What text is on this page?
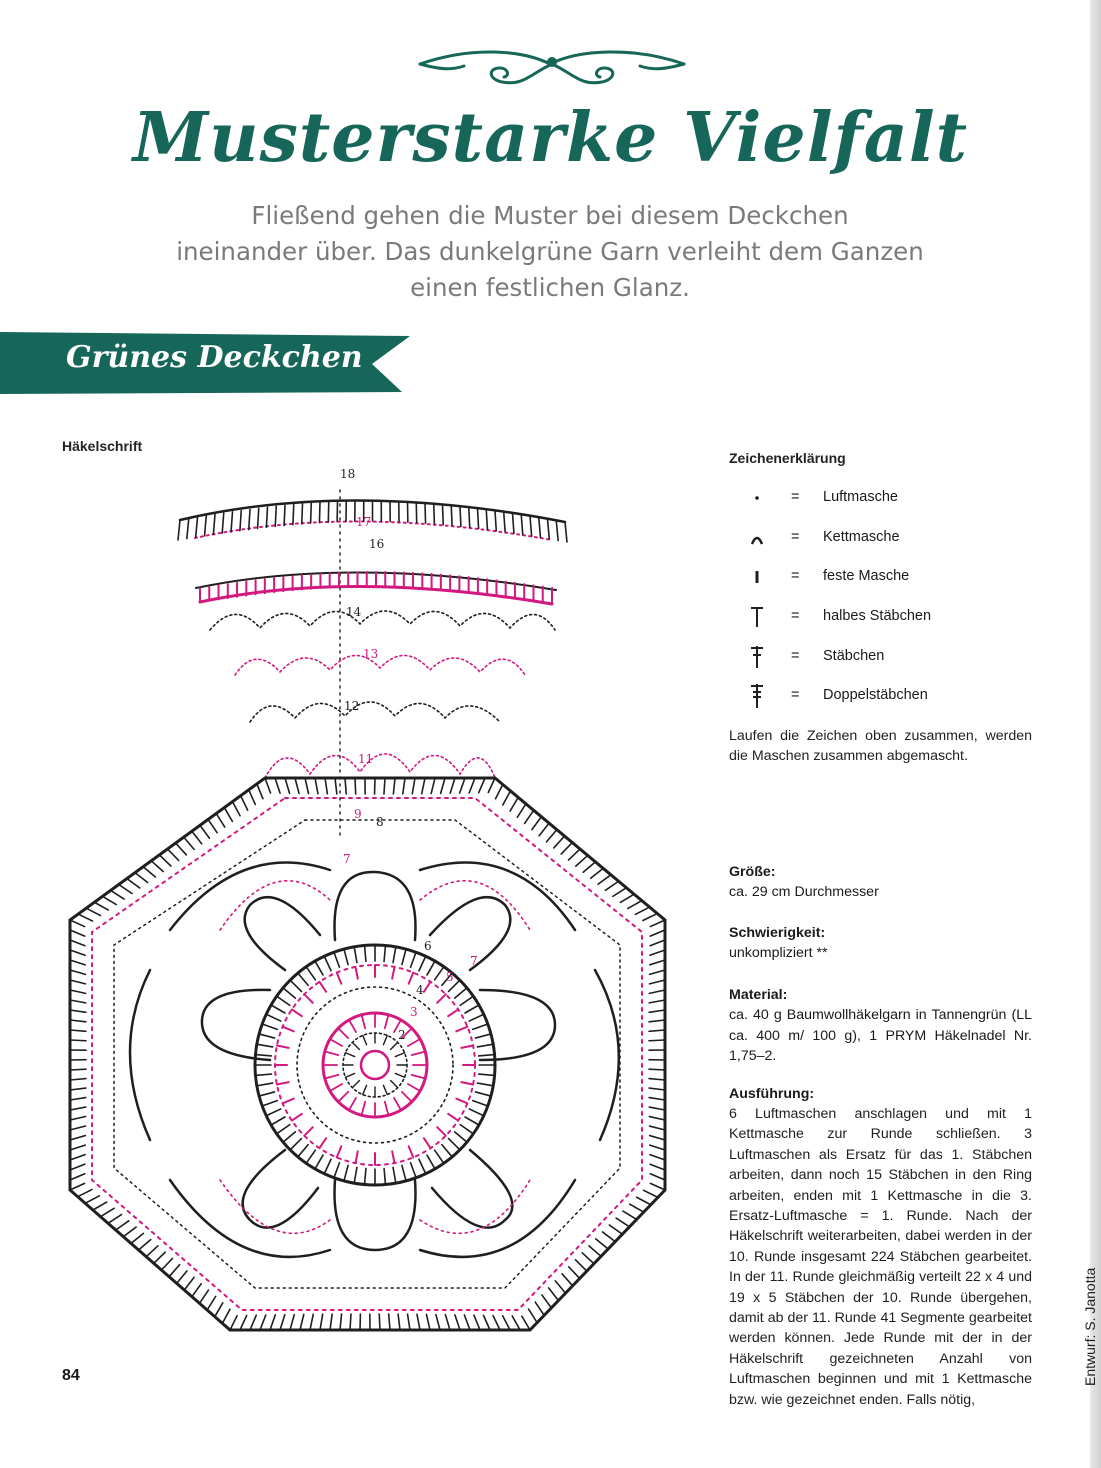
Musterstarke Vielfalt
Fließend gehen die Muster bei diesem Deckchen
ineinander über. Das dunkelgrüne Garn verleiht dem Ganzen
einen festlichen Glanz.
Grünes Deckchen
Häkelschrift
18
17
16
14
13
12
11
9
8
7
6
7
5
4
3
2
Zeichenerklärung
= Luftmasche
= Kettmasche
= feste Masche
= halbes Stäbchen
= Stäbchen
= Doppelstäbchen
Laufen die Zeichen oben zusammen, werden die Maschen zusammen abgemascht.
Größe:
ca. 29 cm Durchmesser
Schwierigkeit:
unkompliziert **
Material:
ca. 40 g Baumwollhäkelgarn in Tannengrün (LL ca. 400 m/ 100 g), 1 PRYM Häkelnadel Nr. 1,75–2.
Ausführung:
6 Luftmaschen anschlagen und mit 1 Kettmasche zur Runde schließen. 3 Luftmaschen als Ersatz für das 1. Stäbchen arbeiten, dann noch 15 Stäbchen in den Ring arbeiten, enden mit 1 Kettmasche in die 3. Ersatz-Luftmasche = 1. Runde. Nach der Häkelschrift weiterarbeiten, dabei werden in der 10. Runde insgesamt 224 Stäbchen gearbeitet. In der 11. Runde gleichmäßig verteilt 22 x 4 und 19 x 5 Stäbchen der 10. Runde übergehen, damit ab der 11. Runde 41 Segmente gearbeitet werden können. Jede Runde mit der in der Häkelschrift gezeichneten Anzahl von Luftmaschen beginnen und mit 1 Kettmasche bzw. wie gezeichnet enden. Falls nötig,
84	Entwurf: S. Janotta
